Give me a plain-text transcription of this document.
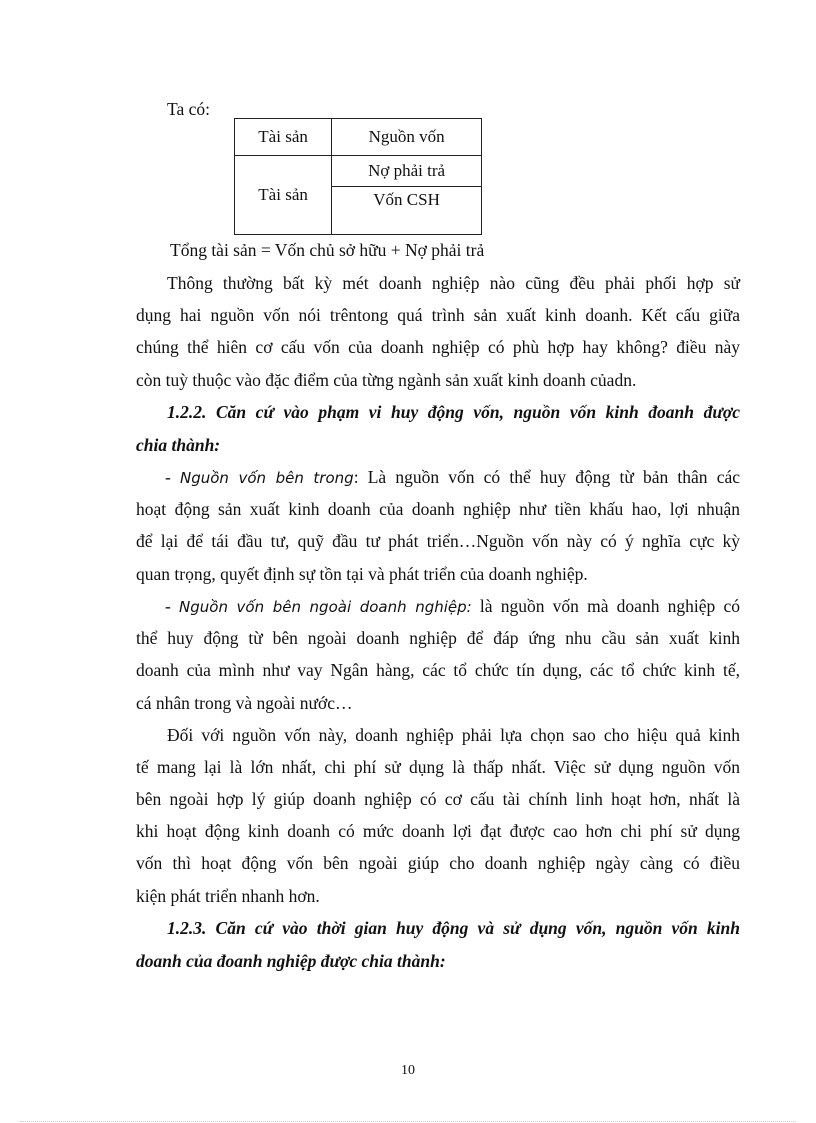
Ta có:
Tài sản	Nguồn vốn
Tài sản	Nợ phải trả
	Vốn CSH
Tổng tài sản = Vốn chủ sở hữu + Nợ phải trả
Thông thường bất kỳ mét doanh nghiệp nào cũng đều phải phối hợp sử
dụng hai nguồn vốn nói trêntong quá trình sản xuất kinh doanh. Kết cấu giữa
chúng thể hiên cơ cấu vốn của doanh nghiệp có phù hợp hay không? điều này
còn tuỳ thuộc vào đặc điểm của từng ngành sản xuất kinh doanh củadn.
1.2.2. Căn cứ vào phạm vi huy động vốn, nguồn vốn kinh đoanh được
chia thành:
- Nguồn vốn bên trong: Là nguồn vốn có thể huy động từ bản thân các
hoạt động sản xuất kinh doanh của doanh nghiệp như tiền khấu hao, lợi nhuận
để lại để tái đầu tư, quỹ đầu tư phát triển…Nguồn vốn này có ý nghĩa cực kỳ
quan trọng, quyết định sự tồn tại và phát triển của doanh nghiệp.
- Nguồn vốn bên ngoài doanh nghiệp: là nguồn vốn mà doanh nghiệp có
thể huy động từ bên ngoài doanh nghiệp để đáp ứng nhu cầu sản xuất kinh
doanh của mình như vay Ngân hàng, các tổ chức tín dụng, các tổ chức kinh tế,
cá nhân trong và ngoài nước…
Đối với nguồn vốn này, doanh nghiệp phải lựa chọn sao cho hiệu quả kinh
tế mang lại là lớn nhất, chi phí sử dụng là thấp nhất. Việc sử dụng nguồn vốn
bên ngoài hợp lý giúp doanh nghiệp có cơ cấu tài chính linh hoạt hơn, nhất là
khi hoạt động kinh doanh có mức doanh lợi đạt được cao hơn chi phí sử dụng
vốn thì hoạt động vốn bên ngoài giúp cho doanh nghiệp ngày càng có điều
kiện phát triển nhanh hơn.
1.2.3. Căn cứ vào thời gian huy động và sử dụng vốn, nguồn vốn kinh
doanh của đoanh nghiệp được chia thành:
10
